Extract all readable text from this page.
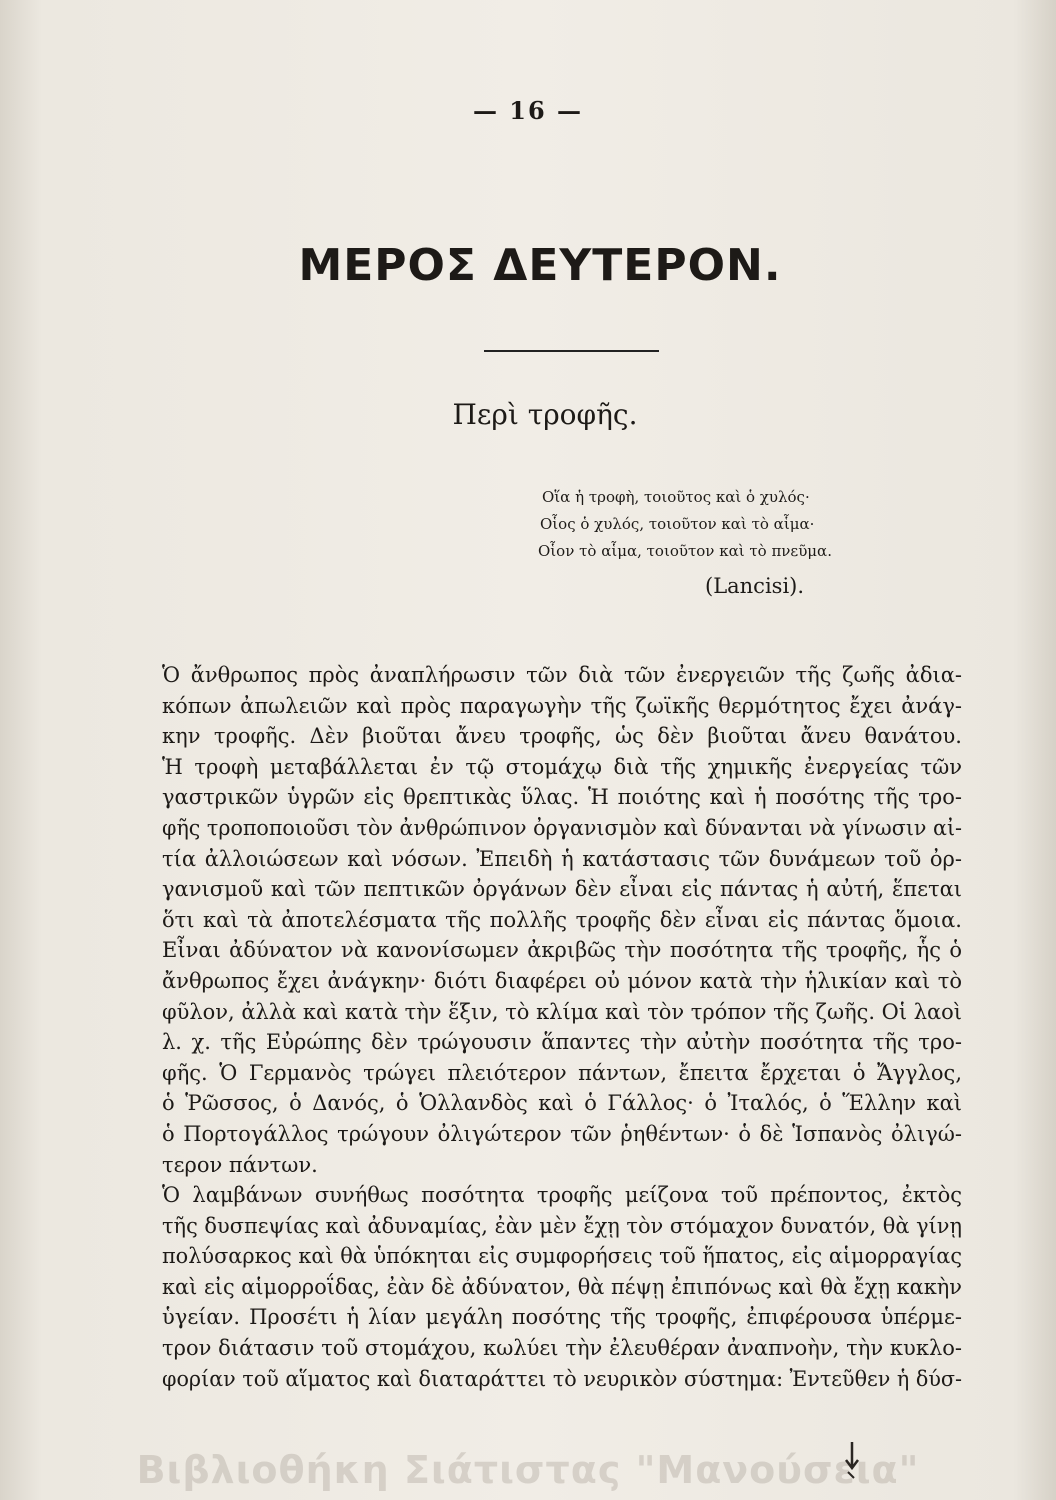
— 16 —
ΜΕΡΟΣ ΔΕΥΤΕΡΟΝ.
Περὶ τροφῆς.
Οἵα ἡ τροφὴ, τοιοῦτος καὶ ὁ χυλός·
Οἷος ὁ χυλός, τοιοῦτον καὶ τὸ αἷμα·
Οἷον τὸ αἷμα, τοιοῦτον καὶ τὸ πνεῦμα.
(Lancisi).
Ὁ ἄνθρωπος πρὸς ἀναπλήρωσιν τῶν διὰ τῶν ἐνεργειῶν τῆς ζωῆς ἀδια-
κόπων ἀπωλειῶν καὶ πρὸς παραγωγὴν τῆς ζωϊκῆς θερμότητος ἔχει ἀνάγ-
κην τροφῆς. Δὲν βιοῦται ἄνευ τροφῆς, ὡς δὲν βιοῦται ἄνευ θανάτου.
Ἡ τροφὴ μεταβάλλεται ἐν τῷ στομάχῳ διὰ τῆς χημικῆς ἐνεργείας τῶν
γαστρικῶν ὑγρῶν εἰς θρεπτικὰς ὕλας. Ἡ ποιότης καὶ ἡ ποσότης τῆς τρο-
φῆς τροποποιοῦσι τὸν ἀνθρώπινον ὀργανισμὸν καὶ δύνανται νὰ γίνωσιν αἰ-
τία ἀλλοιώσεων καὶ νόσων. Ἐπειδὴ ἡ κατάστασις τῶν δυνάμεων τοῦ ὀρ-
γανισμοῦ καὶ τῶν πεπτικῶν ὀργάνων δὲν εἶναι εἰς πάντας ἡ αὐτή, ἕπεται
ὅτι καὶ τὰ ἀποτελέσματα τῆς πολλῆς τροφῆς δὲν εἶναι εἰς πάντας ὅμοια.
Εἶναι ἀδύνατον νὰ κανονίσωμεν ἀκριβῶς τὴν ποσότητα τῆς τροφῆς, ἧς ὁ
ἄνθρωπος ἔχει ἀνάγκην· διότι διαφέρει οὐ μόνον κατὰ τὴν ἡλικίαν καὶ τὸ
φῦλον, ἀλλὰ καὶ κατὰ τὴν ἕξιν, τὸ κλίμα καὶ τὸν τρόπον τῆς ζωῆς. Οἱ λαοὶ
λ. χ. τῆς Εὐρώπης δὲν τρώγουσιν ἅπαντες τὴν αὐτὴν ποσότητα τῆς τρο-
φῆς. Ὁ Γερμανὸς τρώγει πλειότερον πάντων, ἔπειτα ἔρχεται ὁ Ἄγγλος,
ὁ Ῥῶσσος, ὁ Δανός, ὁ Ὁλλανδὸς καὶ ὁ Γάλλος· ὁ Ἰταλός, ὁ Ἕλλην καὶ
ὁ Πορτογάλλος τρώγουν ὀλιγώτερον τῶν ῥηθέντων· ὁ δὲ Ἱσπανὸς ὀλιγώ-
τερον πάντων.
Ὁ λαμβάνων συνήθως ποσότητα τροφῆς μείζονα τοῦ πρέποντος, ἐκτὸς
τῆς δυσπεψίας καὶ ἀδυναμίας, ἐὰν μὲν ἔχῃ τὸν στόμαχον δυνατόν, θὰ γίνῃ
πολύσαρκος καὶ θὰ ὑπόκηται εἰς συμφορήσεις τοῦ ἥπατος, εἰς αἱμορραγίας
καὶ εἰς αἱμορροΐδας, ἐὰν δὲ ἀδύνατον, θὰ πέψῃ ἐπιπόνως καὶ θὰ ἔχῃ κακὴν
ὑγείαν. Προσέτι ἡ λίαν μεγάλη ποσότης τῆς τροφῆς, ἐπιφέρουσα ὑπέρμε-
τρον διάτασιν τοῦ στομάχου, κωλύει τὴν ἐλευθέραν ἀναπνοὴν, τὴν κυκλο-
φορίαν τοῦ αἵματος καὶ διαταράττει τὸ νευρικὸν σύστημα: Ἐντεῦθεν ἡ δύσ-
Βιβλιοθήκη Σιάτιστας "Μανούσεια"
